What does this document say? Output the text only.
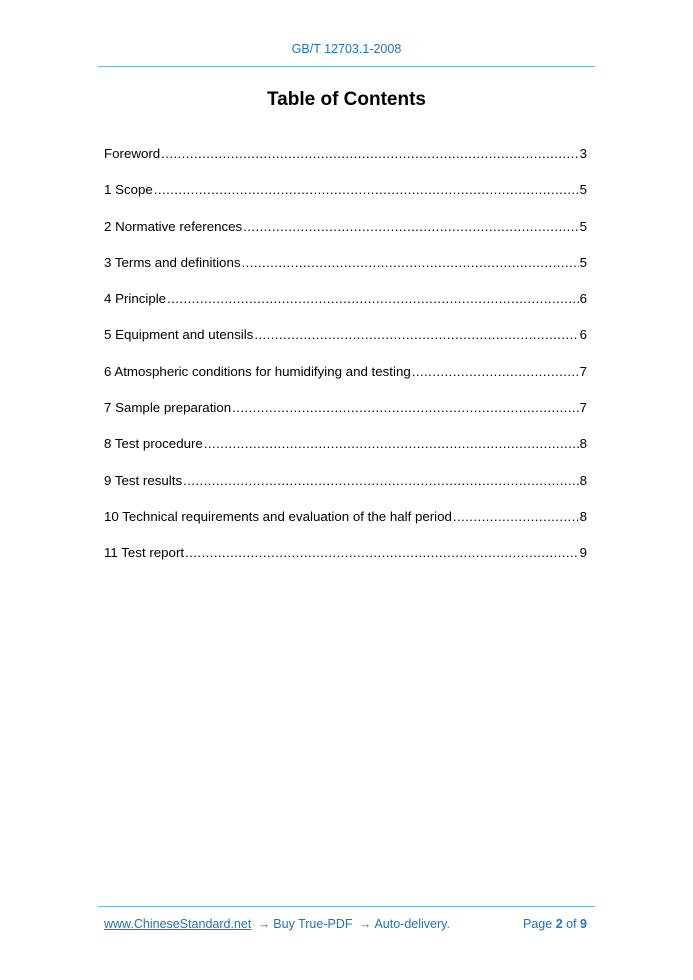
GB/T 12703.1-2008
Table of Contents
Foreword .....	3
1 Scope .....	5
2 Normative references .....	5
3 Terms and definitions .....	5
4 Principle .....	6
5 Equipment and utensils .....	6
6 Atmospheric conditions for humidifying and testing .....	7
7 Sample preparation .....	7
8 Test procedure .....	8
9 Test results .....	8
10 Technical requirements and evaluation of the half period .....	8
11 Test report .....	9
www.ChineseStandard.net → Buy True-PDF → Auto-delivery.	Page 2 of 9
